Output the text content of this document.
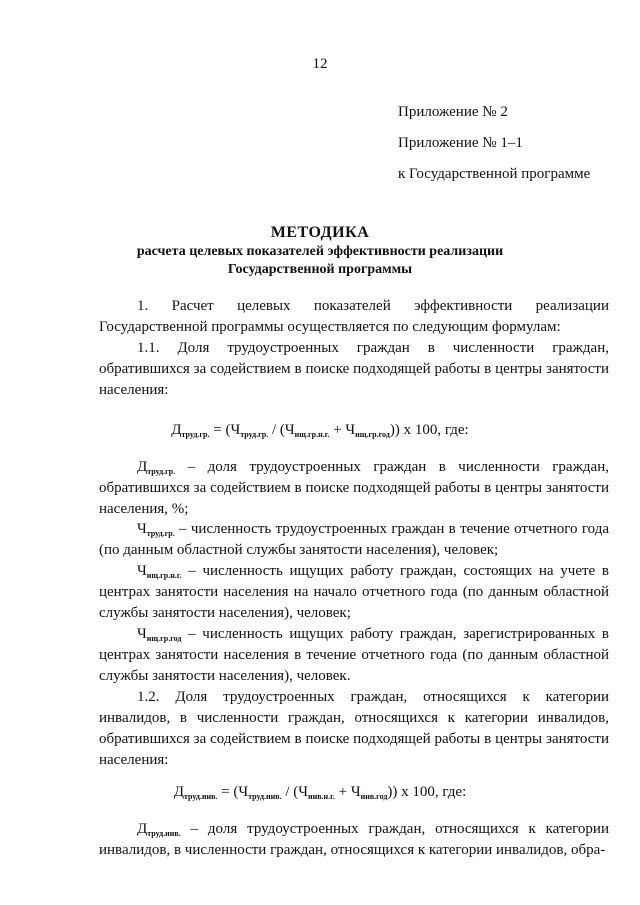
12
Приложение № 2
Приложение № 1–1
к Государственной программе
МЕТОДИКА
расчета целевых показателей эффективности реализации
Государственной программы

1. Расчет целевых показателей эффективности реализации Государственной программы осуществляется по следующим формулам:

1.1. Доля трудоустроенных граждан в численности граждан, обратившихся за содействием в поиске подходящей работы в центры занятости населения:

$Д_{труд.гр.} = (Ч_{труд.гр.} / (Ч_{ищ.гр.н.г.} + Ч_{ищ.гр.год}))$ х 100, где:

$Д_{труд.гр.}$ – доля трудоустроенных граждан в численности граждан, обратившихся за содействием в поиске подходящей работы в центры занятости населения, %;

$Ч_{труд.гр.}$ – численность трудоустроенных граждан в течение отчетного года (по данным областной службы занятости населения), человек;

$Ч_{ищ.гр.н.г.}$ – численность ищущих работу граждан, состоящих на учете в центрах занятости населения на начало отчетного года (по данным областной службы занятости населения), человек;

$Ч_{ищ.гр.год}$ – численность ищущих работу граждан, зарегистрированных в центрах занятости населения в течение отчетного года (по данным областной службы занятости населения), человек.

1.2. Доля трудоустроенных граждан, относящихся к категории инвалидов, в численности граждан, относящихся к категории инвалидов, обратившихся за содействием в поиске подходящей работы в центры занятости населения:

$Д_{труд.инв.} = (Ч_{труд.инв.} / (Ч_{инв.н.г.} + Ч_{инв.год}))$ х 100, где:

$Д_{труд.инв.}$ – доля трудоустроенных граждан, относящихся к категории инвалидов, в численности граждан, относящихся к категории инвалидов, обра-
